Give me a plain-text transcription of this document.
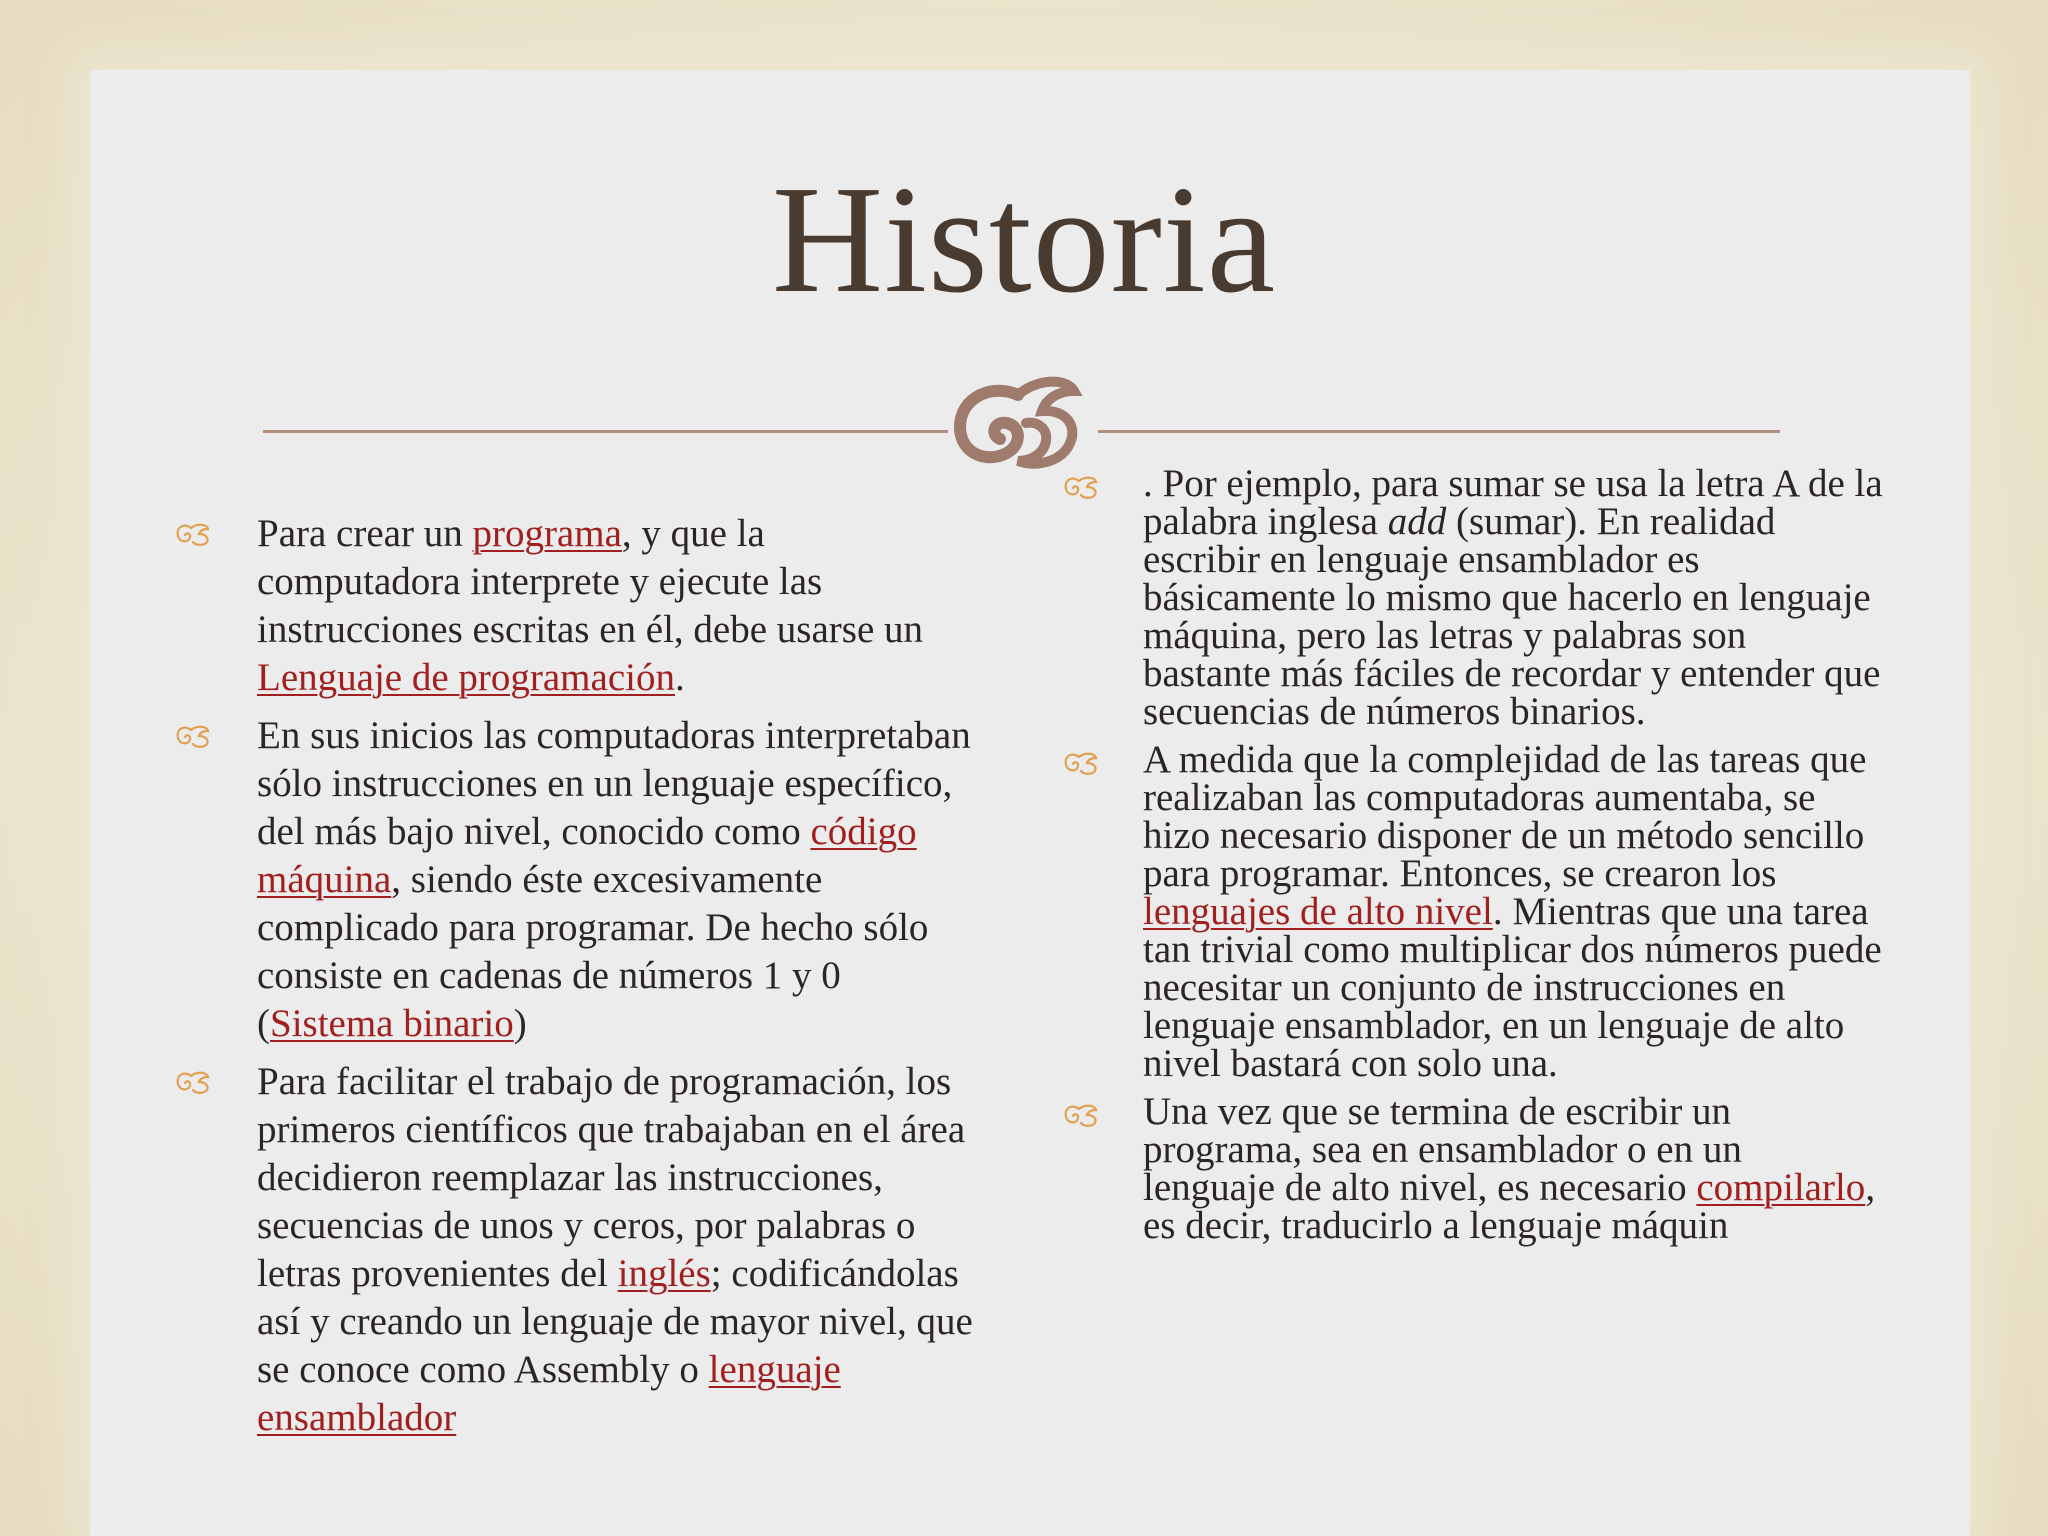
Historia
Para crear un programa, y que la computadora interprete y ejecute las instrucciones escritas en él, debe usarse un Lenguaje de programación.
En sus inicios las computadoras interpretaban sólo instrucciones en un lenguaje específico, del más bajo nivel, conocido como código máquina, siendo éste excesivamente complicado para programar. De hecho sólo consiste en cadenas de números 1 y 0 (Sistema binario)
Para facilitar el trabajo de programación, los primeros científicos que trabajaban en el área decidieron reemplazar las instrucciones, secuencias de unos y ceros, por palabras o letras provenientes del inglés; codificándolas así y creando un lenguaje de mayor nivel, que se conoce como Assembly o lenguaje ensamblador
. Por ejemplo, para sumar se usa la letra A de la palabra inglesa add (sumar). En realidad escribir en lenguaje ensamblador es básicamente lo mismo que hacerlo en lenguaje máquina, pero las letras y palabras son bastante más fáciles de recordar y entender que secuencias de números binarios.
A medida que la complejidad de las tareas que realizaban las computadoras aumentaba, se hizo necesario disponer de un método sencillo para programar. Entonces, se crearon los lenguajes de alto nivel. Mientras que una tarea tan trivial como multiplicar dos números puede necesitar un conjunto de instrucciones en lenguaje ensamblador, en un lenguaje de alto nivel bastará con solo una.
Una vez que se termina de escribir un programa, sea en ensamblador o en un lenguaje de alto nivel, es necesario compilarlo, es decir, traducirlo a lenguaje máquin
